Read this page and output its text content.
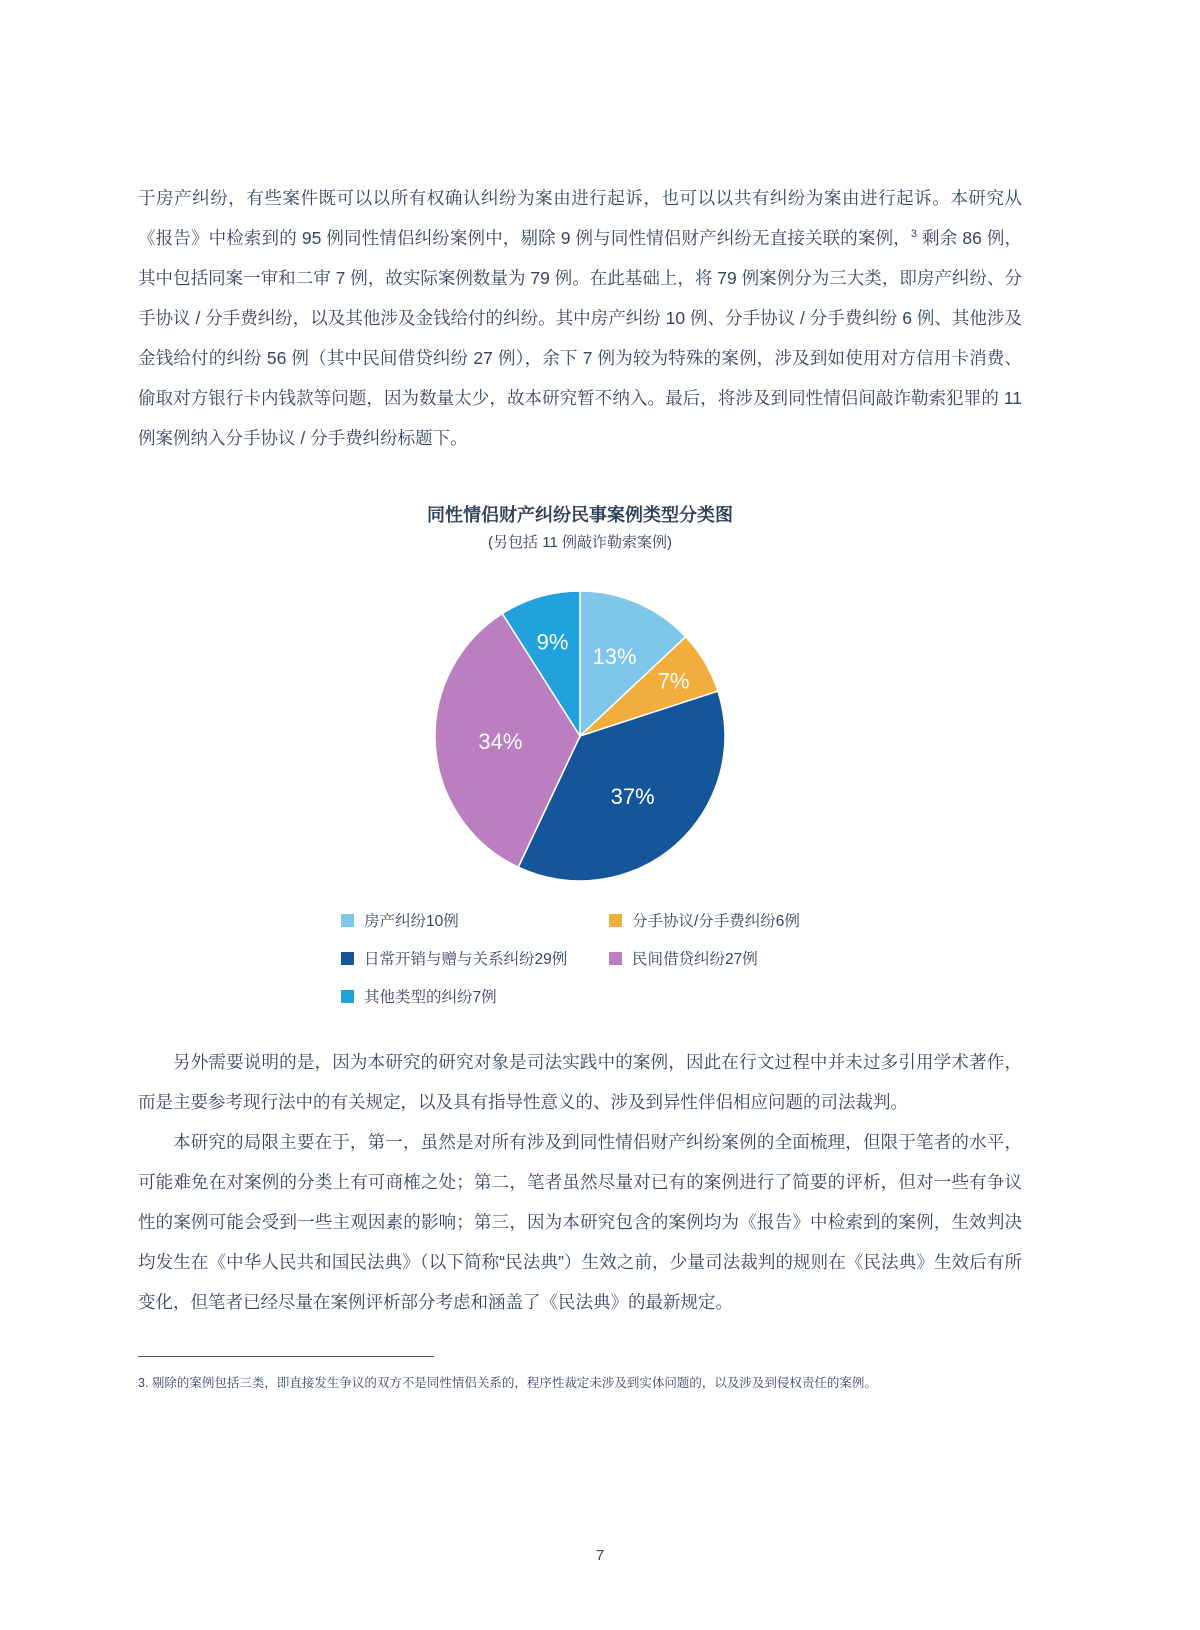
于房产纠纷，有些案件既可以以所有权确认纠纷为案由进行起诉，也可以以共有纠纷为案由进行起诉。本研究从《报告》中检索到的 95 例同性情侣纠纷案例中，剔除 9 例与同性情侣财产纠纷无直接关联的案例，$^3$ 剩余 86 例，其中包括同案一审和二审 7 例，故实际案例数量为 79 例。在此基础上，将 79 例案例分为三大类，即房产纠纷、分手协议 / 分手费纠纷，以及其他涉及金钱给付的纠纷。其中房产纠纷 10 例、分手协议 / 分手费纠纷 6 例、其他涉及金钱给付的纠纷 56 例（其中民间借贷纠纷 27 例），余下 7 例为较为特殊的案例，涉及到如使用对方信用卡消费、偷取对方银行卡内钱款等问题，因为数量太少，故本研究暂不纳入。最后，将涉及到同性情侣间敲诈勒索犯罪的 11 例案例纳入分手协议 / 分手费纠纷标题下。

同性情侣财产纠纷民事案例类型分类图
(另包括 11 例敲诈勒索案例)
13%
7%
37%
34%
9%
房产纠纷10例	分手协议/分手费纠纷6例
日常开销与赠与关系纠纷29例	民间借贷纠纷27例
其他类型的纠纷7例

另外需要说明的是，因为本研究的研究对象是司法实践中的案例，因此在行文过程中并未过多引用学术著作，而是主要参考现行法中的有关规定，以及具有指导性意义的、涉及到异性伴侣相应问题的司法裁判。

本研究的局限主要在于，第一，虽然是对所有涉及到同性情侣财产纠纷案例的全面梳理，但限于笔者的水平，可能难免在对案例的分类上有可商榷之处；第二，笔者虽然尽量对已有的案例进行了简要的评析，但对一些有争议性的案例可能会受到一些主观因素的影响；第三，因为本研究包含的案例均为《报告》中检索到的案例，生效判决均发生在《中华人民共和国民法典》（以下简称“民法典”）生效之前，少量司法裁判的规则在《民法典》生效后有所变化，但笔者已经尽量在案例评析部分考虑和涵盖了《民法典》的最新规定。

3. 剔除的案例包括三类，即直接发生争议的双方不是同性情侣关系的，程序性裁定未涉及到实体问题的，以及涉及到侵权责任的案例。

7
